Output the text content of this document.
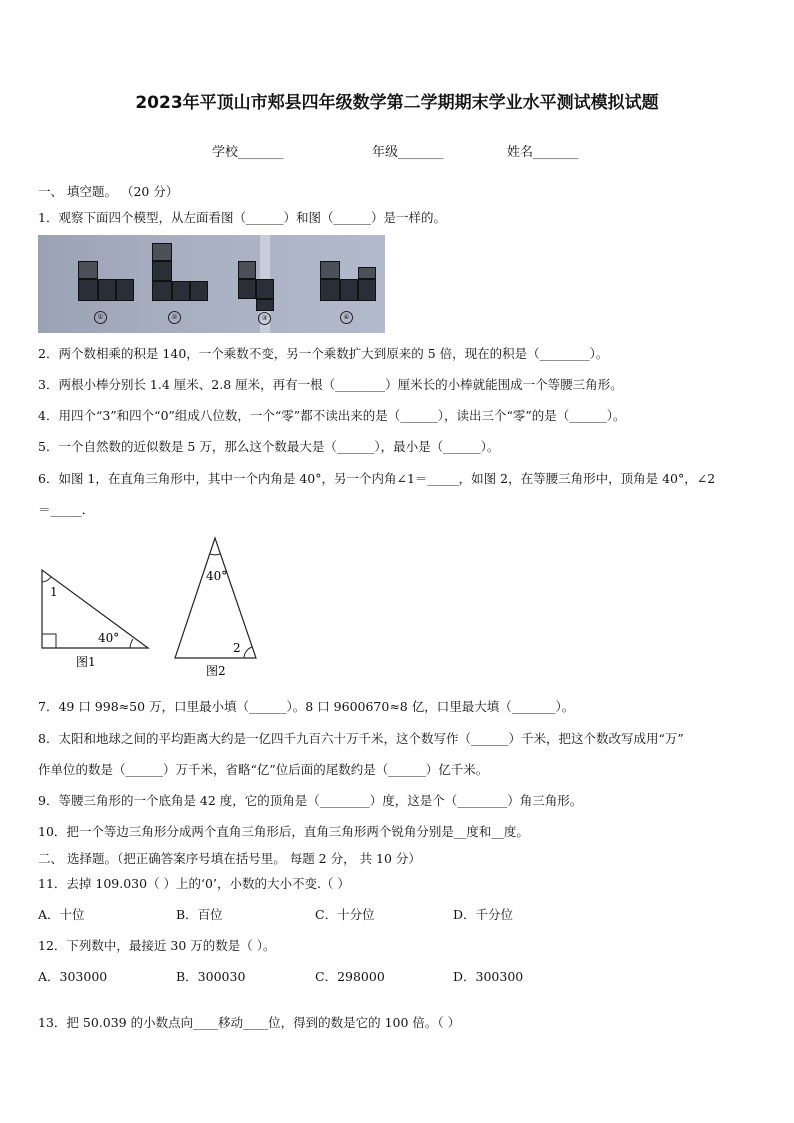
2023年平顶山市郏县四年级数学第二学期期末学业水平测试模拟试题
学校_______	年级_______	姓名_______
一、 填空题。 （20 分）
1．观察下面四个模型，从左面看图（______）和图（______）是一样的。
①	②	③	④
2．两个数相乘的积是 140，一个乘数不变，另一个乘数扩大到原来的 5 倍，现在的积是（________）。
3．两根小棒分别长 1.4 厘米、2.8 厘米，再有一根（________）厘米长的小棒就能围成一个等腰三角形。
4．用四个“3”和四个“0”组成八位数，一个“零”都不读出来的是（______），读出三个“零”的是（______）。
5．一个自然数的近似数是 5 万，那么这个数最大是（______），最小是（______）。
6．如图 1，在直角三角形中，其中一个内角是 40°，另一个内角∠1＝_____，如图 2，在等腰三角形中，顶角是 40°，∠2
＝_____．
1
40°
图1
40°
2
图2
7．49 口 998≈50 万，口里最小填（______）。8 口 9600670≈8 亿，口里最大填（_______）。
8．太阳和地球之间的平均距离大约是一亿四千九百六十万千米，这个数写作（______）千米，把这个数改写成用“万”
作单位的数是（______）万千米，省略“亿”位后面的尾数约是（______）亿千米。
9．等腰三角形的一个底角是 42 度，它的顶角是（________）度，这是个（________）角三角形。
10．把一个等边三角形分成两个直角三角形后，直角三角形两个锐角分别是__度和__度。
二、 选择题。（把正确答案序号填在括号里。 每题 2 分， 共 10 分）
11．去掉 109.030（ ）上的‘0’，小数的大小不变.（ ）
A．十位	B．百位	C．十分位	D．千分位
12．下列数中，最接近 30 万的数是（ ）。
A．303000	B．300030	C．298000	D．300300
13．把 50.039 的小数点向____移动____位，得到的数是它的 100 倍。（ ）
